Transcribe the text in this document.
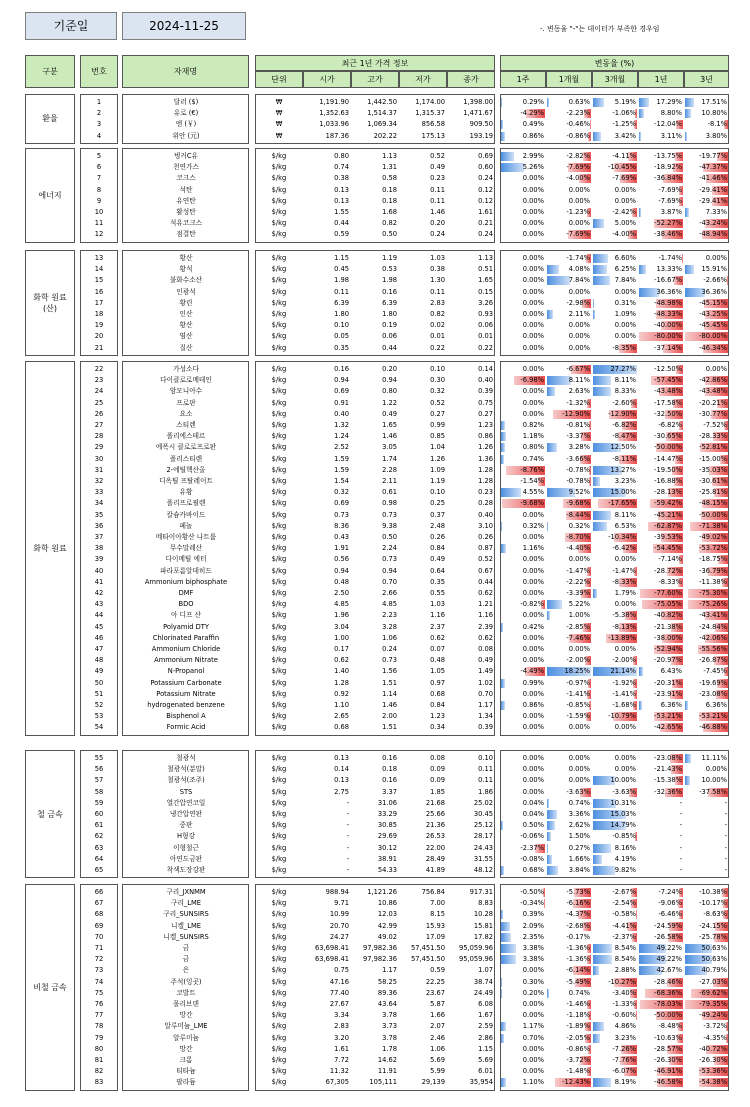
기준일	2024-11-25	-. 변동율 "-"는 데이터가 부족한 경우임
구분	번호	자재명
최근 1년 가격 정보
단위	시가	고가	저가	종가
변동율 (%)
1주	1개월	3개월	1년	3년
환율
1	달러 ($)	₩	1,191.90	1,442.50	1,174.00	1,398.00	0.29%	0.63%	5.19%	17.29%	17.51%
2	유로 (€)	₩	1,352.63	1,514.37	1,315.37	1,471.67	-4.29%	-2.23%	-1.06%	8.80%	10.80%
3	엔 (￥)	₩	1,033.96	1,069.34	856.58	909.50	0.49%	-0.46%	-1.25%	-12.04%	-8.1%
4	위안 (元)	₩	187.36	202.22	175.13	193.19	0.86%	-0.86%	3.42%	3.11%	3.80%
에너지
5	벙커C유	$/kg	0.80	1.13	0.52	0.69	2.99%	-2.82%	-4.11%	-13.75%	-19.77%
6	천연가스	$/kg	0.74	1.31	0.49	0.60	5.26%	-7.69%	-10.45%	-18.92%	-47.37%
7	코크스	$/kg	0.38	0.58	0.23	0.24	0.00%	-4.00%	-7.69%	-36.84%	-41.46%
8	석탄	$/kg	0.13	0.18	0.11	0.12	0.00%	0.00%	0.00%	-7.69%	-29.41%
9	유연탄	$/kg	0.13	0.18	0.11	0.12	0.00%	0.00%	0.00%	-7.69%	-29.41%
10	활성탄	$/kg	1.55	1.68	1.46	1.61	0.00%	-1.23%	-2.42%	3.87%	7.33%
11	석유코크스	$/kg	0.44	0.82	0.20	0.21	0.00%	0.00%	5.00%	-52.27%	-43.24%
12	점결탄	$/kg	0.59	0.50	0.24	0.24	0.00%	-7.69%	-4.00%	-38.46%	-48.94%
화학 원료 (산)
13	황산	$/kg	1.15	1.19	1.03	1.13	0.00%	-1.74%	6.60%	-1.74%	0.00%
14	황석	$/kg	0.45	0.53	0.38	0.51	0.00%	4.08%	6.25%	13.33%	15.91%
15	불화수소산	$/kg	1.98	1.98	1.30	1.65	0.00%	7.84%	7.84%	-16.67%	-2.66%
16	인광석	$/kg	0.11	0.16	0.11	0.15	0.00%	0.00%	0.00%	36.36%	36.36%
17	황린	$/kg	6.39	6.39	2.83	3.26	0.00%	-2.98%	0.31%	-48.98%	-45.15%
18	인산	$/kg	1.80	1.80	0.82	0.93	0.00%	2.11%	1.09%	-48.33%	-43.25%
19	황산	$/kg	0.10	0.19	0.02	0.06	0.00%	0.00%	0.00%	-40.00%	-45.45%
20	염산	$/kg	0.05	0.06	0.01	0.01	0.00%	0.00%	0.00%	-80.00%	-80.00%
21	질산	$/kg	0.35	0.44	0.22	0.22	0.00%	0.00%	-8.35%	-37.14%	-46.34%
화학 원료
22	가성소다	$/kg	0.16	0.20	0.10	0.14	0.00%	-6.67%	27.27%	-12.50%	0.00%
23	다이클로로메테인	$/kg	0.94	0.94	0.30	0.40	-6.98%	8.11%	8.11%	-57.45%	-42.86%
24	암모니아수	$/kg	0.69	0.80	0.32	0.39	0.00%	2.63%	8.33%	-43.48%	-43.48%
25	프로판	$/kg	0.91	1.22	0.52	0.75	0.00%	-1.32%	-2.60%	-17.58%	-20.21%
26	요소	$/kg	0.40	0.49	0.27	0.27	0.00%	-12.90%	-12.90%	-32.50%	-30.77%
27	스티렌	$/kg	1.32	1.65	0.99	1.23	0.82%	-0.81%	-6.82%	-6.82%	-7.52%
28	폴리에스테르	$/kg	1.24	1.46	0.85	0.86	1.18%	-3.37%	-8.47%	-30.65%	-28.33%
29	에폭시 클로로프로판	$/kg	2.52	3.05	1.04	1.26	0.80%	3.28%	12.50%	-50.00%	-52.81%
30	폴리스티렌	$/kg	1.59	1.74	1.26	1.36	0.74%	-3.66%	-8.11%	-14.47%	-15.00%
31	2-에틸헥산올	$/kg	1.59	2.28	1.09	1.28	-8.76%	-0.78%	13.27%	-19.50%	-35.03%
32	디옥틸 프탈레이트	$/kg	1.54	2.11	1.19	1.28	-1.54%	-0.78%	3.23%	-16.88%	-30.61%
33	유황	$/kg	0.32	0.61	0.10	0.23	4.55%	9.52%	15.00%	-28.13%	-25.81%
34	폴리프로필렌	$/kg	0.69	0.98	0.25	0.28	-9.68%	-9.68%	-17.65%	-59.42%	-48.15%
35	칼슘카바이드	$/kg	0.73	0.73	0.37	0.40	0.00%	-8.44%	8.11%	-45.21%	-50.00%
36	페놀	$/kg	8.36	9.38	2.48	3.10	0.32%	0.32%	6.53%	-62.87%	-71.38%
37	메타이아황산 나트륨	$/kg	0.43	0.50	0.26	0.26	0.00%	-8.70%	-10.34%	-39.53%	-49.02%
38	무수말레산	$/kg	1.91	2.24	0.84	0.87	1.16%	-4.40%	-6.42%	-54.45%	-53.72%
39	다이메틸 에터	$/kg	0.56	0.73	0.49	0.52	0.00%	0.00%	0.00%	-7.14%	-18.75%
40	파라포름알데히드	$/kg	0.94	0.94	0.64	0.67	0.00%	-1.47%	-1.47%	-28.72%	-36.79%
41	Ammonium biphosphate	$/kg	0.48	0.70	0.35	0.44	0.00%	-2.22%	-8.33%	-8.33%	-11.38%
42	DMF	$/kg	2.50	2.66	0.55	0.62	0.00%	-3.39%	1.79%	-77.60%	-75.30%
43	BDO	$/kg	4.85	4.85	1.03	1.21	-0.82%	5.22%	0.00%	-75.05%	-75.26%
44	아 디프 산	$/kg	1.96	2.23	1.16	1.16	0.00%	1.00%	-5.38%	-40.82%	-43.41%
45	Polyamid DTY	$/kg	3.04	3.28	2.37	2.39	0.42%	-2.85%	-8.13%	-21.38%	-24.84%
46	Chlorinated Paraffin	$/kg	1.00	1.06	0.62	0.62	0.00%	-7.46%	-13.89%	-38.00%	-42.06%
47	Ammonium Chloride	$/kg	0.17	0.24	0.07	0.08	0.00%	0.00%	0.00%	-52.94%	-55.56%
48	Ammonium Nitrate	$/kg	0.62	0.73	0.48	0.49	0.00%	-2.00%	-2.00%	-20.97%	-26.87%
49	N-Propanol	$/kg	1.40	1.56	1.05	1.49	-4.49%	18.25%	21.14%	6.43%	-7.45%
50	Potassium Carbonate	$/kg	1.28	1.51	0.97	1.02	0.99%	-0.97%	-1.92%	-20.31%	-19.69%
51	Potassium Nitrate	$/kg	0.92	1.14	0.68	0.70	0.00%	-1.41%	-1.41%	-23.91%	-23.08%
52	hydrogenated benzene	$/kg	1.10	1.46	0.84	1.17	0.86%	-0.85%	-1.68%	6.36%	6.36%
53	Bisphenol A	$/kg	2.65	2.00	1.23	1.34	0.00%	-1.59%	-10.79%	-53.21%	-53.21%
54	Formic Acid	$/kg	0.68	1.51	0.34	0.39	0.00%	0.00%	0.00%	-42.65%	-46.88%
철 금속
55	철광석	$/kg	0.13	0.16	0.08	0.10	0.00%	0.00%	0.00%	-23.08%	11.11%
56	철광석(분말)	$/kg	0.14	0.18	0.09	0.11	0.00%	0.00%	0.00%	-21.43%	0.00%
57	철광석(조주)	$/kg	0.13	0.16	0.09	0.11	0.00%	0.00%	10.00%	-15.38%	10.00%
58	STS	$/kg	2.75	3.37	1.85	1.86	0.00%	-3.63%	-3.63%	-32.36%	-37.58%
59	열간압연코일	$/kg	-	31.06	21.68	25.02	0.04%	0.74%	10.31%	-	-
60	냉간압연판	$/kg	-	33.29	25.66	30.45	0.04%	3.36%	15.03%	-	-
61	중판	$/kg	-	30.85	21.36	25.12	0.50%	2.62%	14.79%	-	-
62	H형강	$/kg	-	29.69	26.53	28.17	-0.06%	1.50%	-0.85%	-	-
63	이형철근	$/kg	-	30.12	22.00	24.43	-2.37%	0.27%	8.16%	-	-
64	아연도금판	$/kg	-	38.91	28.49	31.55	-0.08%	1.66%	4.19%	-	-
65	착색도장강판	$/kg	-	54.33	41.89	48.12	0.68%	3.84%	9.82%	-	-
비철 금속
66	구리_JXNMM	$/kg	988.94	1,121.26	756.84	917.31	-0.50%	-5.73%	-2.67%	-7.24%	-10.38%
67	구리_LME	$/kg	9.71	10.86	7.00	8.83	-0.34%	-6.16%	-2.54%	-9.06%	-10.17%
68	구리_SUNSIRS	$/kg	10.99	12.03	8.15	10.28	0.39%	-4.37%	-0.58%	-6.46%	-8.63%
69	니켈_LME	$/kg	20.70	42.99	15.93	15.81	2.09%	-2.68%	-4.41%	-24.59%	-24.15%
70	니켈_SUNSIRS	$/kg	24.27	49.02	17.09	17.82	2.35%	-0.17%	-2.37%	-26.58%	-25.78%
71	금	$/kg	63,698.41	97,982.36	57,451.50	95,059.96	3.38%	-1.36%	8.54%	49.22%	50.63%
72	금	$/kg	63,698.41	97,982.36	57,451.50	95,059.96	3.38%	-1.36%	8.54%	49.22%	50.63%
73	은	$/kg	0.75	1.17	0.59	1.07	0.00%	-6.14%	2.88%	42.67%	40.79%
74	주석(잉곳)	$/kg	47.16	58.25	22.25	38.74	0.30%	-5.49%	-10.27%	-28.46%	-27.03%
75	코발트	$/kg	77.40	89.36	23.67	24.49	0.20%	0.74%	-3.40%	-68.36%	-69.62%
76	몰리브덴	$/kg	27.67	43.64	5.87	6.08	0.00%	-1.46%	-1.33%	-78.03%	-79.35%
77	망간	$/kg	3.34	3.78	1.66	1.67	0.00%	-1.18%	-0.60%	-50.00%	-49.24%
78	알루미늄_LME	$/kg	2.83	3.73	2.07	2.59	1.17%	-1.89%	4.86%	-8.48%	-3.72%
79	알루미늄	$/kg	3.20	3.78	2.46	2.86	0.70%	-2.05%	3.23%	-10.63%	-4.35%
80	망간	$/kg	1.61	1.78	1.06	1.15	0.00%	-0.86%	-7.26%	-28.57%	-40.72%
81	크롬	$/kg	7.72	14.62	5.69	5.69	0.00%	-3.72%	-7.76%	-26.30%	-26.30%
82	티타늄	$/kg	11.32	11.91	5.99	6.01	0.00%	-1.48%	-6.07%	-46.91%	-53.36%
83	팔라듐	$/kg	67,305	105,111	29,139	35,954	1.10%	-12.43%	8.19%	-46.58%	-54.38%
